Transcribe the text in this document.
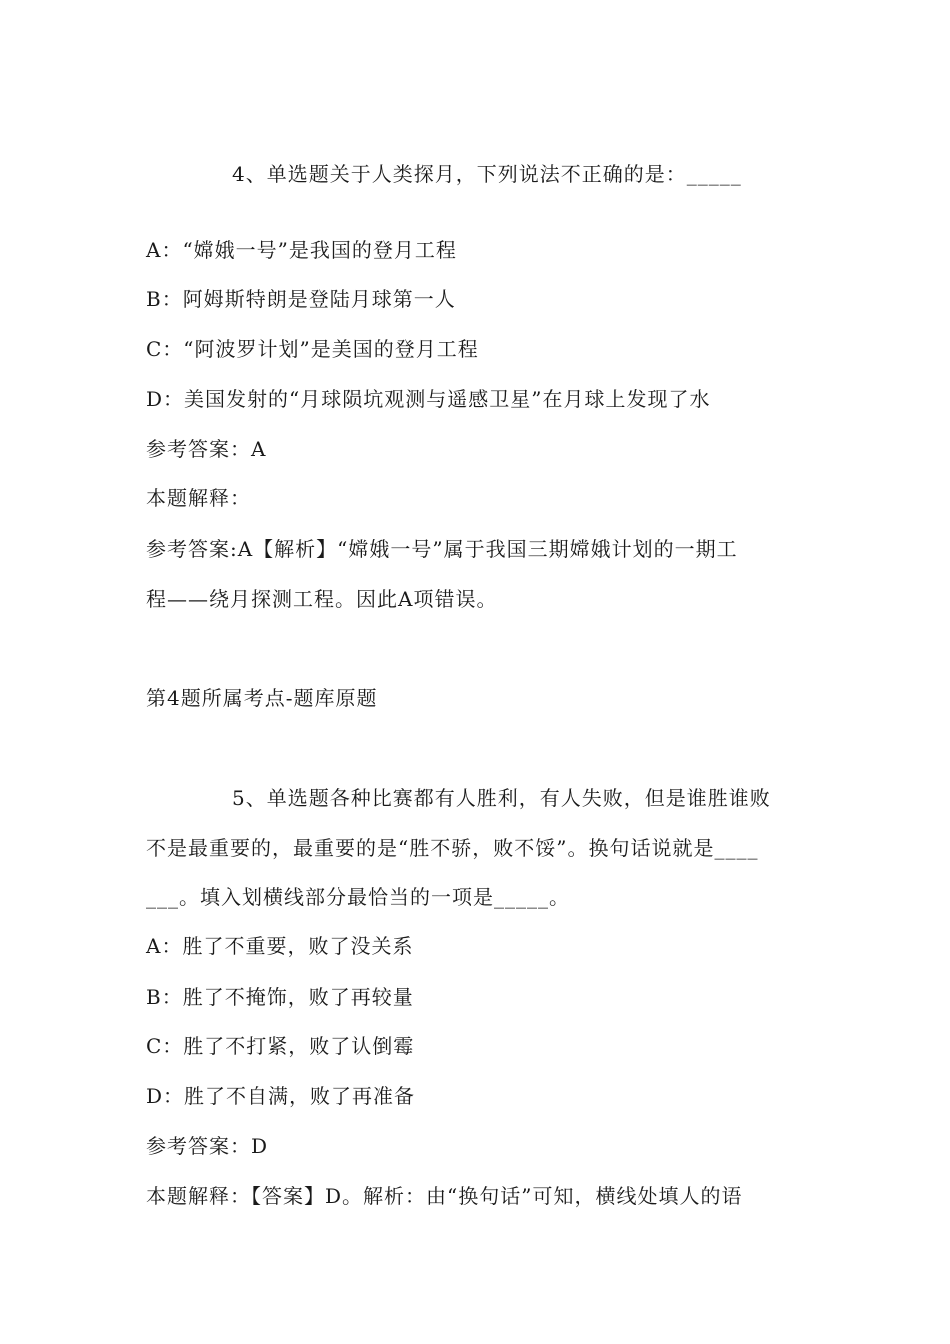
4、单选题关于人类探月，下列说法不正确的是：_____
A：“嫦娥一号”是我国的登月工程
B：阿姆斯特朗是登陆月球第一人
C：“阿波罗计划”是美国的登月工程
D：美国发射的“月球陨坑观测与遥感卫星”在月球上发现了水
参考答案：A
本题解释：
参考答案:A【解析】“嫦娥一号”属于我国三期嫦娥计划的一期工
程——绕月探测工程。因此A项错误。
第4题所属考点-题库原题
5、单选题各种比赛都有人胜利，有人失败，但是谁胜谁败
不是最重要的，最重要的是“胜不骄，败不馁”。换句话说就是____
___。填入划横线部分最恰当的一项是_____。
A：胜了不重要，败了没关系
B：胜了不掩饰，败了再较量
C：胜了不打紧，败了认倒霉
D：胜了不自满，败了再准备
参考答案：D
本题解释：【答案】D。解析：由“换句话”可知，横线处填人的语
